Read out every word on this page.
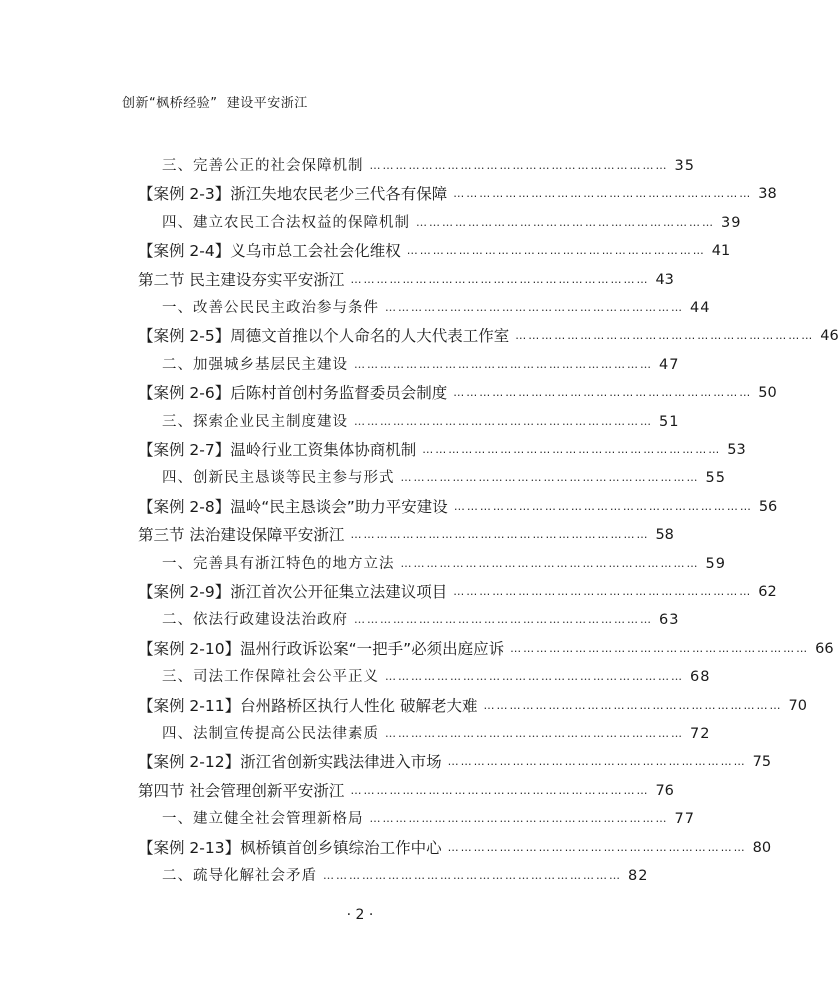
创新“枫桥经验”  建设平安浙江
三、完善公正的社会保障机制 …………………………………………………………… 35
【案例 2-3】浙江失地农民老少三代各有保障 …………………………………………………………… 38
四、建立农民工合法权益的保障机制 …………………………………………………………… 39
【案例 2-4】义乌市总工会社会化维权 …………………………………………………………… 41
第二节 民主建设夯实平安浙江 …………………………………………………………… 43
一、改善公民民主政治参与条件 …………………………………………………………… 44
【案例 2-5】周德文首推以个人命名的人大代表工作室 …………………………………………………………… 46
二、加强城乡基层民主建设 …………………………………………………………… 47
【案例 2-6】后陈村首创村务监督委员会制度 …………………………………………………………… 50
三、探索企业民主制度建设 …………………………………………………………… 51
【案例 2-7】温岭行业工资集体协商机制 …………………………………………………………… 53
四、创新民主恳谈等民主参与形式 …………………………………………………………… 55
【案例 2-8】温岭“民主恳谈会”助力平安建设 …………………………………………………………… 56
第三节 法治建设保障平安浙江 …………………………………………………………… 58
一、完善具有浙江特色的地方立法 …………………………………………………………… 59
【案例 2-9】浙江首次公开征集立法建议项目 …………………………………………………………… 62
二、依法行政建设法治政府 …………………………………………………………… 63
【案例 2-10】温州行政诉讼案“一把手”必须出庭应诉 …………………………………………………………… 66
三、司法工作保障社会公平正义 …………………………………………………………… 68
【案例 2-11】台州路桥区执行人性化 破解老大难 …………………………………………………………… 70
四、法制宣传提高公民法律素质 …………………………………………………………… 72
【案例 2-12】浙江省创新实践法律进入市场 …………………………………………………………… 75
第四节 社会管理创新平安浙江 …………………………………………………………… 76
一、建立健全社会管理新格局 …………………………………………………………… 77
【案例 2-13】枫桥镇首创乡镇综治工作中心 …………………………………………………………… 80
二、疏导化解社会矛盾 …………………………………………………………… 82
· 2 ·
